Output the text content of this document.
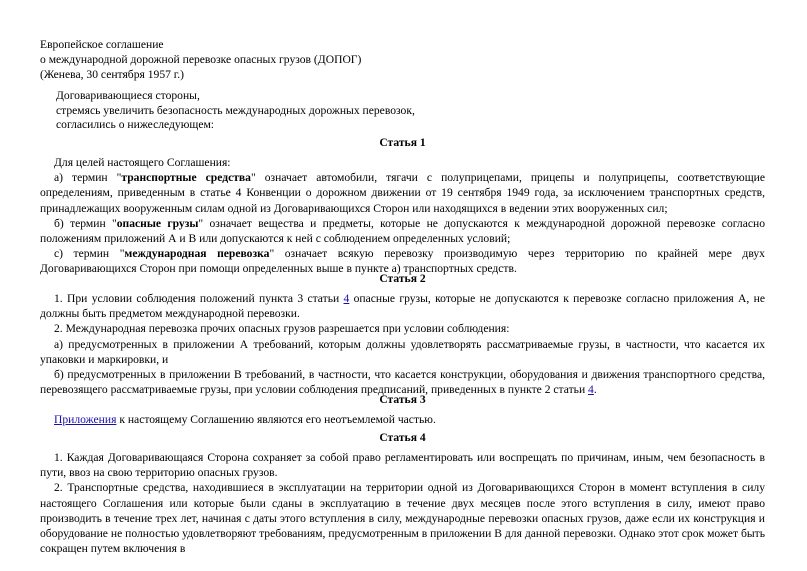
Европейское соглашение
о международной дорожной перевозке опасных грузов (ДОПОГ)
(Женева, 30 сентября 1957 г.)
Договаривающиеся стороны,
стремясь увеличить безопасность международных дорожных перевозок,
согласились о нижеследующем:
Статья 1

Для целей настоящего Соглашения:

а) термин "транспортные средства" означает автомобили, тягачи с полуприцепами, прицепы и полуприцепы, соответствующие определениям, приведенным в статье 4 Конвенции о дорожном движении от 19 сентября 1949 года, за исключением транспортных средств, принадлежащих вооруженным силам одной из Договаривающихся Сторон или находящихся в ведении этих вооруженных сил;

б) термин "опасные грузы" означает вещества и предметы, которые не допускаются к международной дорожной перевозке согласно положениям приложений А и В или допускаются к ней с соблюдением определенных условий;

с) термин "международная перевозка" означает всякую перевозку производимую через территорию по крайней мере двух Договаривающихся Сторон при помощи определенных выше в пункте а) транспортных средств.

Статья 2

1. При условии соблюдения положений пункта 3 статьи 4 опасные грузы, которые не допускаются к перевозке согласно приложения А, не должны быть предметом международной перевозки.

2. Международная перевозка прочих опасных грузов разрешается при условии соблюдения:

а) предусмотренных в приложении А требований, которым должны удовлетворять рассматриваемые грузы, в частности, что касается их упаковки и маркировки, и

б) предусмотренных в приложении В требований, в частности, что касается конструкции, оборудования и движения транспортного средства, перевозящего рассматриваемые грузы, при условии соблюдения предписаний, приведенных в пункте 2 статьи 4.

Статья 3

Приложения к настоящему Соглашению являются его неотъемлемой частью.

Статья 4

1. Каждая Договаривающаяся Сторона сохраняет за собой право регламентировать или воспрещать по причинам, иным, чем безопасность в пути, ввоз на свою территорию опасных грузов.

2. Транспортные средства, находившиеся в эксплуатации на территории одной из Договаривающихся Сторон в момент вступления в силу настоящего Соглашения или которые были сданы в эксплуатацию в течение двух месяцев после этого вступления в силу, имеют право производить в течение трех лет, начиная с даты этого вступления в силу, международные перевозки опасных грузов, даже если их конструкция и оборудование не полностью удовлетворяют требованиям, предусмотренным в приложении В для данной перевозки. Однако этот срок может быть сокращен путем включения в
